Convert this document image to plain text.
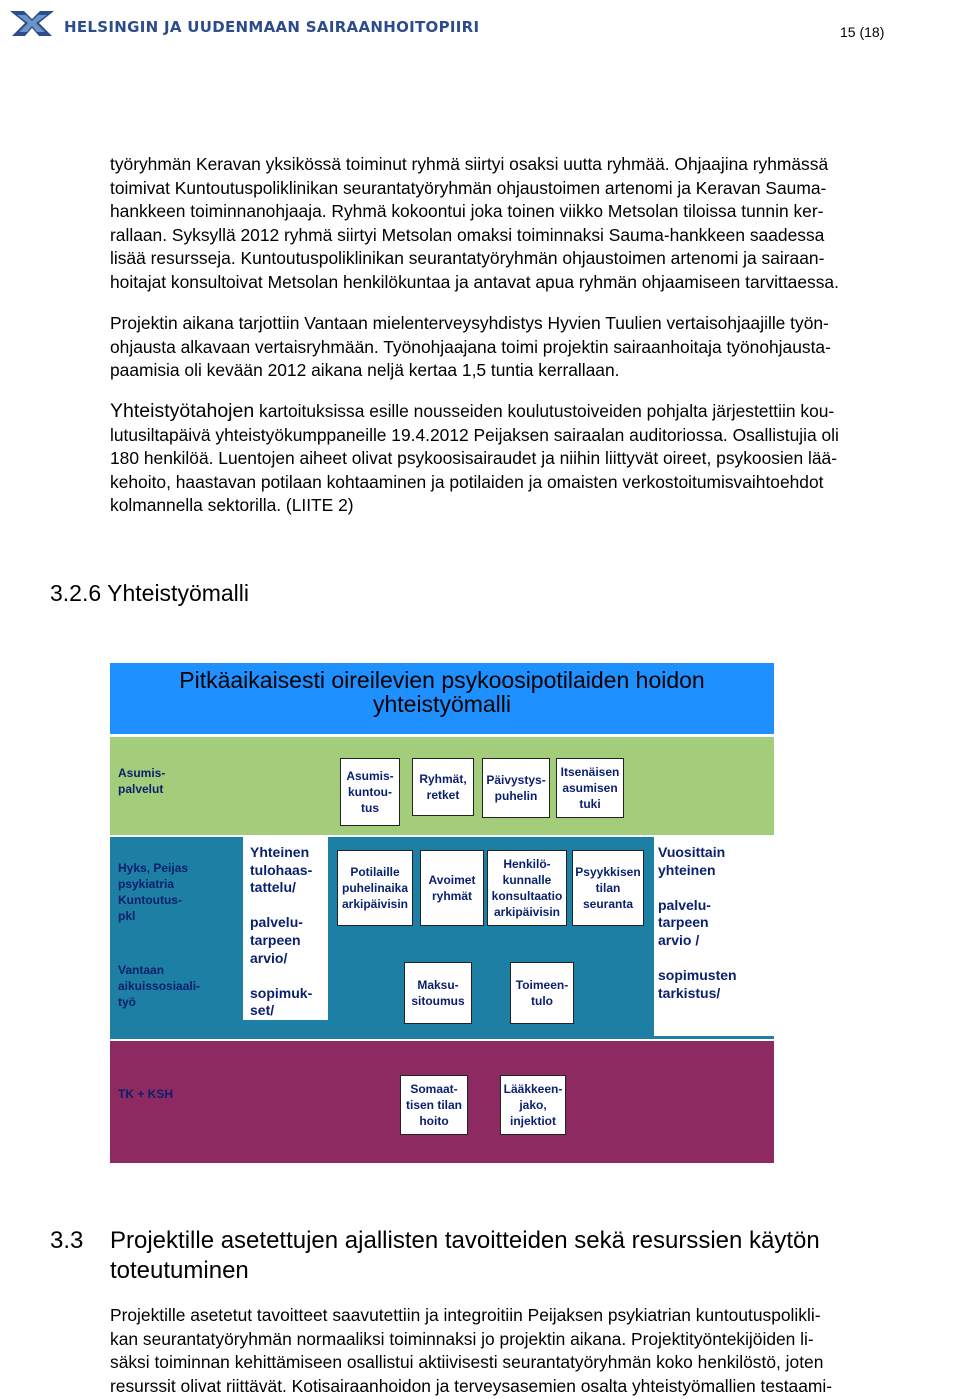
HELSINGIN JA UUDENMAAN SAIRAANHOITOPIIRI	15 (18)
työryhmän Keravan yksikössä toiminut ryhmä siirtyi osaksi uutta ryhmää. Ohjaajina ryhmässä
toimivat Kuntoutuspoliklinikan seurantatyöryhmän ohjaustoimen artenomi ja Keravan Sauma-
hankkeen toiminnanohjaaja. Ryhmä kokoontui joka toinen viikko Metsolan tiloissa tunnin ker-
rallaan. Syksyllä 2012 ryhmä siirtyi Metsolan omaksi toiminnaksi Sauma-hankkeen saadessa
lisää resursseja. Kuntoutuspoliklinikan seurantatyöryhmän ohjaustoimen artenomi ja sairaan-
hoitajat konsultoivat Metsolan henkilökuntaa ja antavat apua ryhmän ohjaamiseen tarvittaessa.
Projektin aikana tarjottiin Vantaan mielenterveysyhdistys Hyvien Tuulien vertaisohjaajille työn-
ohjausta alkavaan vertaisryhmään. Työnohjaajana toimi projektin sairaanhoitaja työnohjausta-
paamisia oli kevään 2012 aikana neljä kertaa 1,5 tuntia kerrallaan.
Yhteistyötahojen kartoituksissa esille nousseiden koulutustoiveiden pohjalta järjestettiin kou-
lutusiltapäivä yhteistyökumppaneille 19.4.2012 Peijaksen sairaalan auditoriossa. Osallistujia oli
180 henkilöä. Luentojen aiheet olivat psykoosisairaudet ja niihin liittyvät oireet, psykoosien lää-
kehoito, haastavan potilaan kohtaaminen ja potilaiden ja omaisten verkostoitumisvaihtoehdot
kolmannella sektorilla. (LIITE 2)
3.2.6 Yhteistyömalli
Pitkäaikaisesti oireilevien psykoosipotilaiden hoidon
yhteistyömalli
Asumis-
palvelut
Asumis-
kuntou-
tus
Ryhmät,
retket
Päivystys-
puhelin
Itsenäisen
asumisen
tuki
Hyks, Peijas
psykiatria
Kuntoutus-
pkl
Vantaan
aikuissosiaali-
työ
Yhteinen
tulohaas-
tattelu/

palvelu-
tarpeen
arvio/

sopimuk-
set/
Potilaille
puhelinaika
arkipäivisin
Avoimet
ryhmät
Henkilö-
kunnalle
konsultaatio
arkipäivisin
Psyykkisen
tilan
seuranta
Maksu-
sitoumus
Toimeen-
tulo
Vuosittain
yhteinen

palvelu-
tarpeen
arvio /

sopimusten
tarkistus/
TK + KSH	Somaat-
tisen tilan
hoito
Lääkkeen-
jako,
injektiot
3.3 Projektille asetettujen ajallisten tavoitteiden sekä resurssien käytön
toteutuminen
Projektille asetetut tavoitteet saavutettiin ja integroitiin Peijaksen psykiatrian kuntoutuspolikli-
kan seurantatyöryhmän normaaliksi toiminnaksi jo projektin aikana. Projektityöntekijöiden li-
säksi toiminnan kehittämiseen osallistui aktiivisesti seurantatyöryhmän koko henkilöstö, joten
resurssit olivat riittävät. Kotisairaanhoidon ja terveysasemien osalta yhteistyömallien testaami-
